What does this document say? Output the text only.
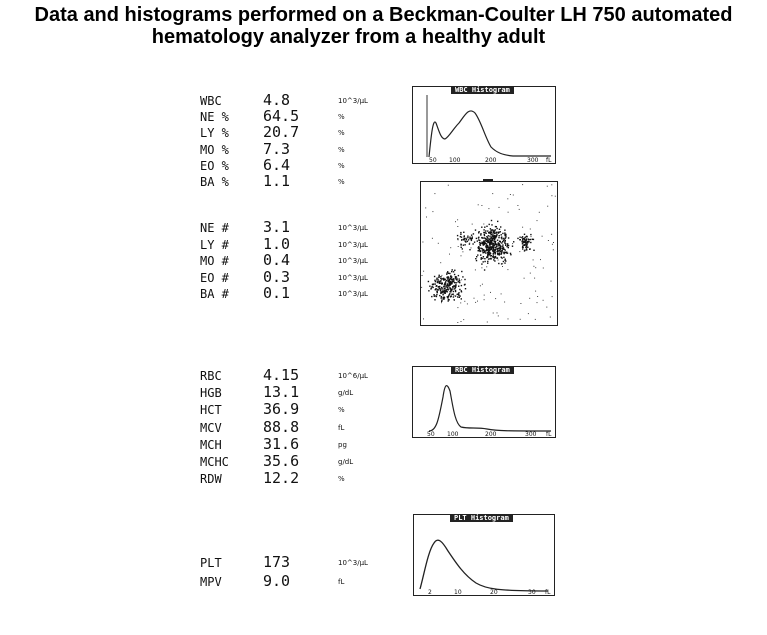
Data and histograms performed on a Beckman-Coulter LH 750 automated
hematology analyzer from a healthy adult
WBC	4.8	10^3/µL
NE % 64.5	%
LY % 20.7	%
MO % 7.3	%
EO % 6.4	%
BA % 1.1	%
NE # 3.1	10^3/µL
LY # 1.0	10^3/µL
MO # 0.4	10^3/µL
EO # 0.3	10^3/µL
BA # 0.1	10^3/µL
RBC	4.15	10^6/µL
HGB	13.1	g/dL
HCT	36.9	%
MCV	88.8	fL
MCH	31.6	pg
MCHC 35.6	g/dL
RDW	12.2	%
PLT	173	10^3/µL
MPV	9.0	fL
WBC Histogram
50 100	200	300 fL
RBC Histogram
50 100	200	300 fL
PLT Histogram
2	10	20	30 fL
